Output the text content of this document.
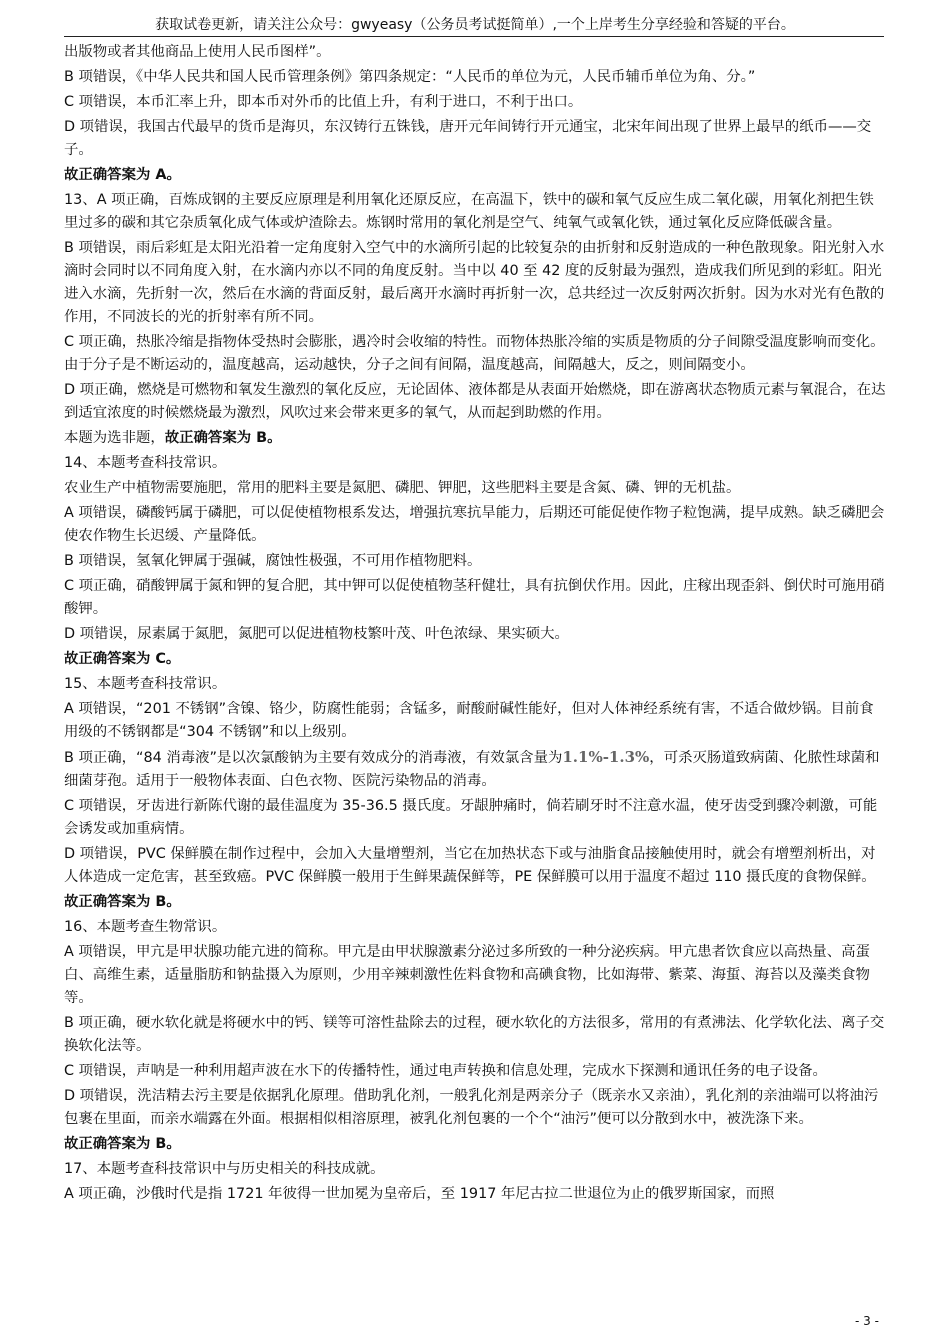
获取试卷更新，请关注公众号：gwyeasy（公务员考试挺简单）,一个上岸考生分享经验和答疑的平台。

出版物或者其他商品上使用人民币图样”。

B 项错误，《中华人民共和国人民币管理条例》第四条规定：“人民币的单位为元，人民币辅币单位为角、分。”

C 项错误，本币汇率上升，即本币对外币的比值上升，有利于进口，不利于出口。

D 项错误，我国古代最早的货币是海贝，东汉铸行五铢钱，唐开元年间铸行开元通宝，北宋年间出现了世界上最早的纸币——交子。

故正确答案为 A。

13、A 项正确，百炼成钢的主要反应原理是利用氧化还原反应，在高温下，铁中的碳和氧气反应生成二氧化碳，用氧化剂把生铁里过多的碳和其它杂质氧化成气体或炉渣除去。炼钢时常用的氧化剂是空气、纯氧气或氧化铁，通过氧化反应降低碳含量。

B 项错误，雨后彩虹是太阳光沿着一定角度射入空气中的水滴所引起的比较复杂的由折射和反射造成的一种色散现象。阳光射入水滴时会同时以不同角度入射，在水滴内亦以不同的角度反射。当中以 40 至 42 度的反射最为强烈，造成我们所见到的彩虹。阳光进入水滴，先折射一次，然后在水滴的背面反射，最后离开水滴时再折射一次，总共经过一次反射两次折射。因为水对光有色散的作用，不同波长的光的折射率有所不同。

C 项正确，热胀冷缩是指物体受热时会膨胀，遇冷时会收缩的特性。而物体热胀冷缩的实质是物质的分子间隙受温度影响而变化。由于分子是不断运动的，温度越高，运动越快，分子之间有间隔，温度越高，间隔越大，反之，则间隔变小。

D 项正确，燃烧是可燃物和氧发生激烈的氧化反应，无论固体、液体都是从表面开始燃烧，即在游离状态物质元素与氧混合，在达到适宜浓度的时候燃烧最为激烈，风吹过来会带来更多的氧气，从而起到助燃的作用。

本题为选非题，故正确答案为 B。

14、本题考查科技常识。

农业生产中植物需要施肥，常用的肥料主要是氮肥、磷肥、钾肥，这些肥料主要是含氮、磷、钾的无机盐。

A 项错误，磷酸钙属于磷肥，可以促使植物根系发达，增强抗寒抗旱能力，后期还可能促使作物子粒饱满，提早成熟。缺乏磷肥会使农作物生长迟缓、产量降低。

B 项错误，氢氧化钾属于强碱，腐蚀性极强，不可用作植物肥料。

C 项正确，硝酸钾属于氮和钾的复合肥，其中钾可以促使植物茎秆健壮，具有抗倒伏作用。因此，庄稼出现歪斜、倒伏时可施用硝酸钾。

D 项错误，尿素属于氮肥，氮肥可以促进植物枝繁叶茂、叶色浓绿、果实硕大。

故正确答案为 C。

15、本题考查科技常识。

A 项错误，“201 不锈钢”含镍、铬少，防腐性能弱；含锰多，耐酸耐碱性能好，但对人体神经系统有害，不适合做炒锅。目前食用级的不锈钢都是“304 不锈钢”和以上级别。

B 项正确，“84 消毒液”是以次氯酸钠为主要有效成分的消毒液，有效氯含量为1.1%-1.3%，可杀灭肠道致病菌、化脓性球菌和细菌芽孢。适用于一般物体表面、白色衣物、医院污染物品的消毒。

C 项错误，牙齿进行新陈代谢的最佳温度为 35-36.5 摄氏度。牙龈肿痛时，倘若刷牙时不注意水温，使牙齿受到骤冷刺激，可能会诱发或加重病情。

D 项错误，PVC 保鲜膜在制作过程中，会加入大量增塑剂，当它在加热状态下或与油脂食品接触使用时，就会有增塑剂析出，对人体造成一定危害，甚至致癌。PVC 保鲜膜一般用于生鲜果蔬保鲜等，PE 保鲜膜可以用于温度不超过 110 摄氏度的食物保鲜。

故正确答案为 B。

16、本题考查生物常识。

A 项错误，甲亢是甲状腺功能亢进的简称。甲亢是由甲状腺激素分泌过多所致的一种分泌疾病。甲亢患者饮食应以高热量、高蛋白、高维生素，适量脂肪和钠盐摄入为原则，少用辛辣刺激性佐料食物和高碘食物，比如海带、紫菜、海蜇、海苔以及藻类食物等。

B 项正确，硬水软化就是将硬水中的钙、镁等可溶性盐除去的过程，硬水软化的方法很多，常用的有煮沸法、化学软化法、离子交换软化法等。

C 项错误，声呐是一种利用超声波在水下的传播特性，通过电声转换和信息处理，完成水下探测和通讯任务的电子设备。

D 项错误，洗洁精去污主要是依据乳化原理。借助乳化剂，一般乳化剂是两亲分子（既亲水又亲油），乳化剂的亲油端可以将油污包裹在里面，而亲水端露在外面。根据相似相溶原理，被乳化剂包裹的一个个“油污”便可以分散到水中，被洗涤下来。

故正确答案为 B。

17、本题考查科技常识中与历史相关的科技成就。

A 项正确，沙俄时代是指 1721 年彼得一世加冕为皇帝后，至 1917 年尼古拉二世退位为止的俄罗斯国家，而照

- 3 -
